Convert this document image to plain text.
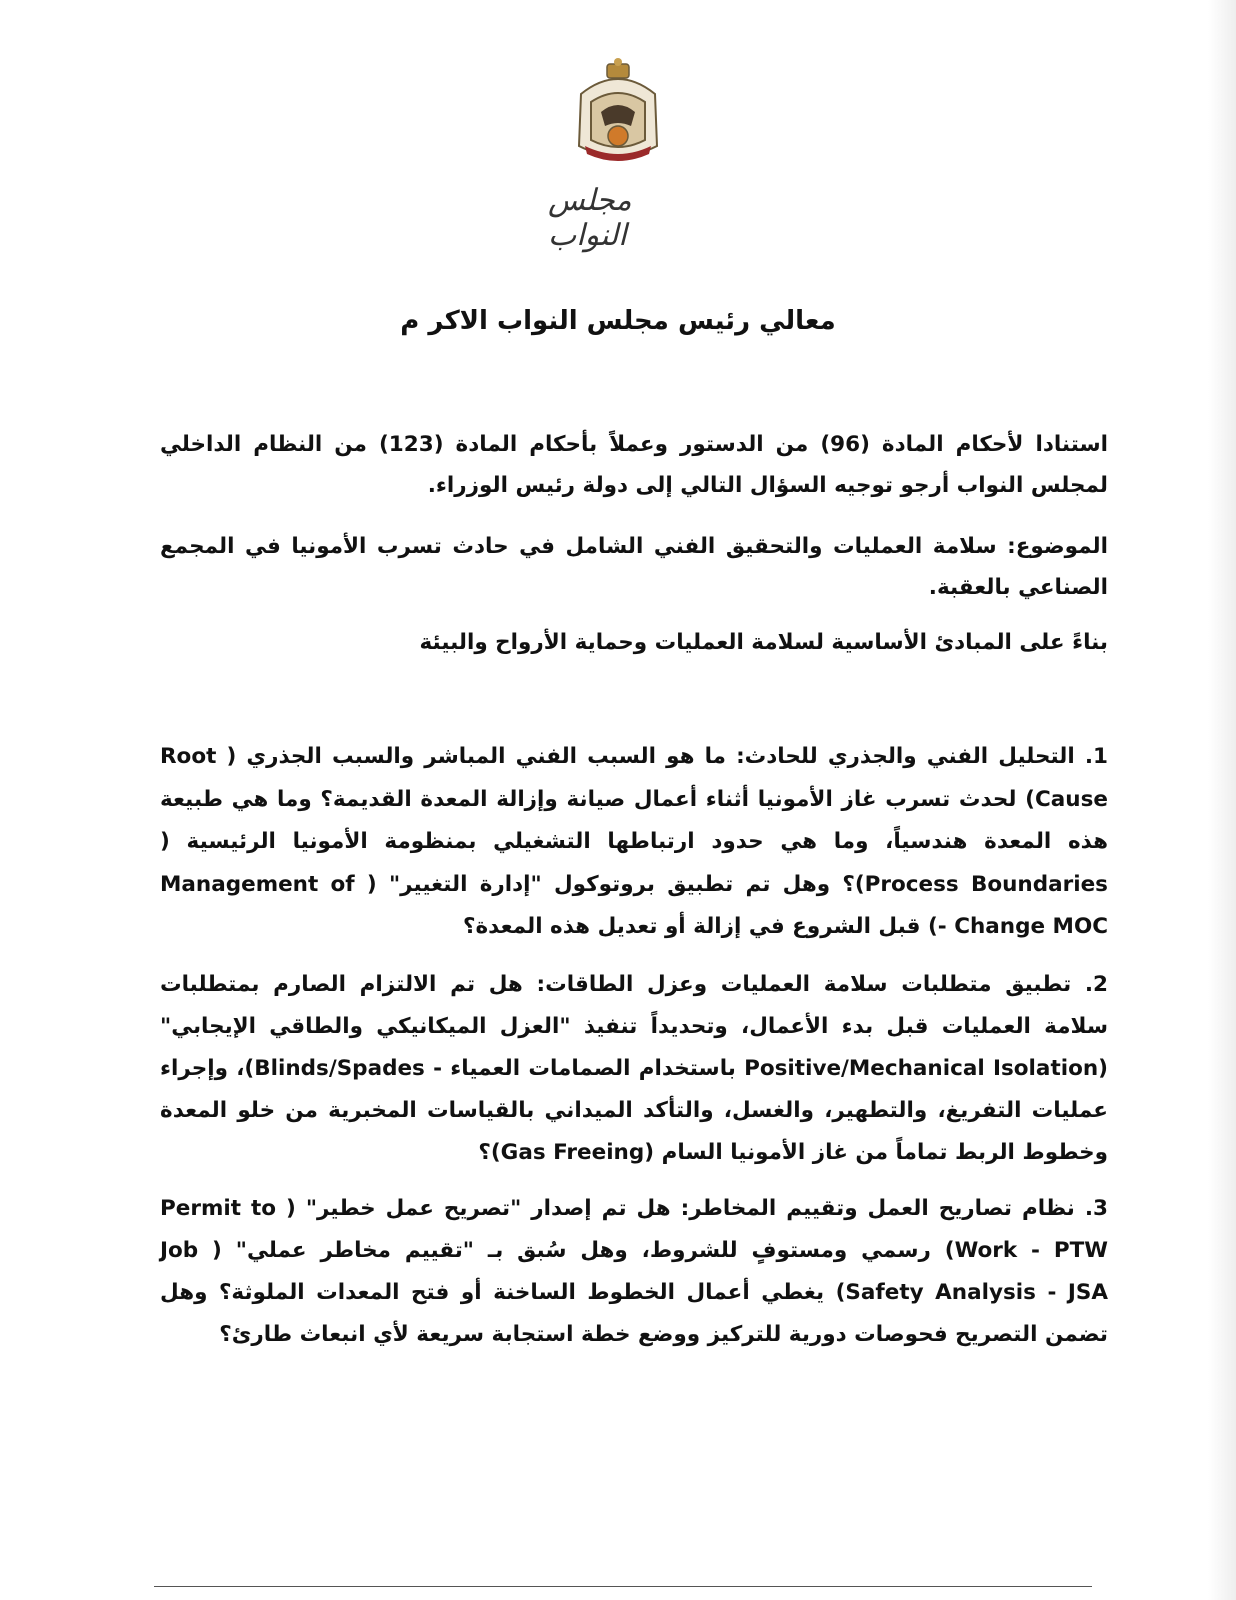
مجلس النواب
معالي رئيس مجلس النواب الاكر م
استنادا لأحكام المادة (96) من الدستور وعملاً بأحكام المادة (123) من النظام الداخلي لمجلس النواب أرجو توجيه السؤال التالي إلى دولة رئيس الوزراء.
الموضوع: سلامة العمليات والتحقيق الفني الشامل في حادث تسرب الأمونيا في المجمع الصناعي بالعقبة.
بناءً على المبادئ الأساسية لسلامة العمليات وحماية الأرواح والبيئة
1. التحليل الفني والجذري للحادث: ما هو السبب الفني المباشر والسبب الجذري ( Root Cause) لحدث تسرب غاز الأمونيا أثناء أعمال صيانة وإزالة المعدة القديمة؟ وما هي طبيعة هذه المعدة هندسياً، وما هي حدود ارتباطها التشغيلي بمنظومة الأمونيا الرئيسية ( Process Boundaries)؟ وهل تم تطبيق بروتوكول "إدارة التغيير" ( Management of Change MOC -) قبل الشروع في إزالة أو تعديل هذه المعدة؟
2. تطبيق متطلبات سلامة العمليات وعزل الطاقات: هل تم الالتزام الصارم بمتطلبات سلامة العمليات قبل بدء الأعمال، وتحديداً تنفيذ "العزل الميكانيكي والطاقي الإيجابي" (Positive/Mechanical Isolation باستخدام الصمامات العمياء - Blinds/Spades)، وإجراء عمليات التفريغ، والتطهير، والغسل، والتأكد الميداني بالقياسات المخبرية من خلو المعدة وخطوط الربط تماماً من غاز الأمونيا السام (Gas Freeing)؟
3. نظام تصاريح العمل وتقييم المخاطر: هل تم إصدار "تصريح عمل خطير" ( Permit to Work - PTW) رسمي ومستوفٍ للشروط، وهل سُبق بـ "تقييم مخاطر عملي" ( Job Safety Analysis - JSA) يغطي أعمال الخطوط الساخنة أو فتح المعدات الملوثة؟ وهل تضمن التصريح فحوصات دورية للتركيز ووضع خطة استجابة سريعة لأي انبعاث طارئ؟
